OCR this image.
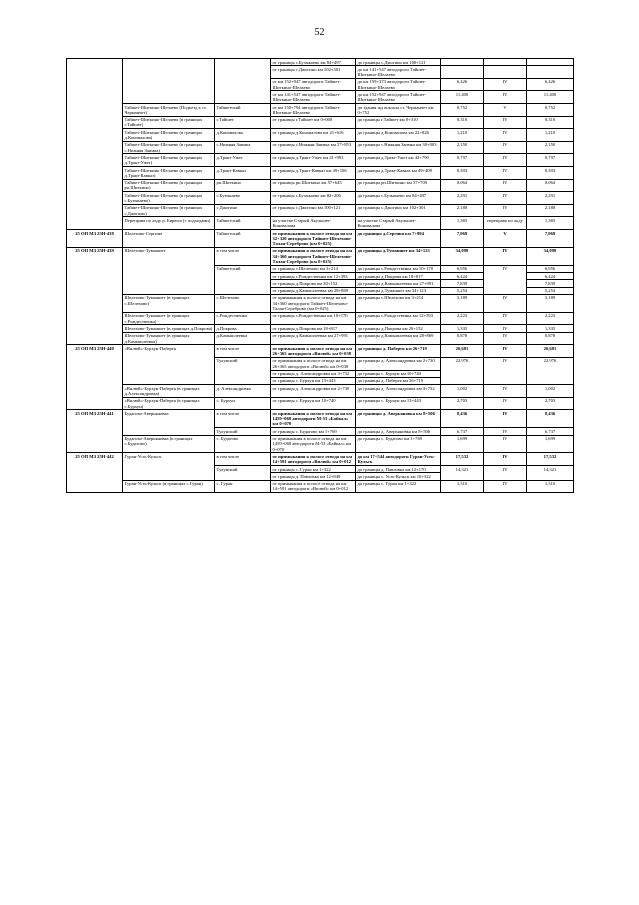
52
			от границы с.Бузыкаево км 84+497	до границы с.Джогино км 100+121			
			от границы с.Джогино км 102+301	до км 141+547 автодороги Тайшет-Шиткино-Шелаево			
			от км 152+947 автодороги Тайшет-Шиткино-Шелаево	до км 159+373 автодороги Тайшет-Шиткино-Шелаево	6,426	IV	6,426
			от км 141+547 автодороги Тайшет-Шиткино-Шелаево	до км 152+947 автодороги Тайшет-Шиткино-Шелаево	11,400	IV	11,400
	Тайшет-Шиткино-Шелаево (Подъезд к ст. Черманчет)	Тайшетский	от км 150+794 автодороги Тайшет-Шиткино-Шелаево	до здания жд вокзала ст. Черманчет км 0+752	0,752	V	0,752
	Тайшет-Шиткино-Шелаево (в границах г.Тайшет)	г.Тайшет	от границы г.Тайшет км 0+000	до границы г.Тайшет км 0+310	0,310	IV	0,310
	Тайшет-Шиткино-Шелаево (в границах д.Коновалова)	д.Коновалова	от границы д.Коновалова км 21+616	до границы д.Коновалова км 22+826	1,210	IV	1,210
	Тайшет-Шиткино-Шелаево (в границах с.Нижняя Заимка)	с.Нижняя Заимка	от границы с.Нижняя Заимка км 27+853	до границы с.Нижняя Заимка км 30+003	2,150	IV	2,150
	Тайшет-Шиткино-Шелаево (в границах д.Тракт-Ужет)	д.Тракт-Ужет	от границы д.Тракт-Ужет км 41+993	до границы д.Тракт-Ужет км 42+790	0,797	IV	0,797
	Тайшет-Шиткино-Шелаево (в границах д.Тракт-Кавказ)	д.Тракт-Кавказ	от границы д.Тракт-Кавказ км 49+106	до границы д.Тракт-Кавказ км 49+409	0,303	IV	0,303
	Тайшет-Шиткино-Шелаево (в границах рп.Шиткино)	рп.Шиткино	от границы рп.Шиткино км 57+645	до границы рп.Шиткино км 57+709	0,064	IV	0,064
	Тайшет-Шиткино-Шелаево (в границах с.Бузыкаево)	с.Бузыкаево	от границы с.Бузыкаево км 82+206	до границы с.Бузыкаево км 84+497	2,291	IV	2,291
	Тайшет-Шиткино-Шелаево (в границах с.Джогино)	с.Джогино	от границы с.Джогино км 100+121	до границы с.Джогино км 102+301	2,180	IV	2,180
	Переправа по льду р. Бирюса (с подходами)	Тайшетский	на участке Старый Акульшет-Коновалова	на участке Старый Акульшет-Коновалова	1,365	переправа по льду	1,365
25 ОП МЗ 25Н-438	Шелехово-Сергина	Тайшетский	от примыкания к полосе отвода на км 32+320 автодороги Тайшет-Шелехово-Талая-Сереброво (км 0+025)	до границы д.Сергина км 7+994	7,969	V	7,969
25 ОП МЗ 25Н-439	Шелехово-Туманшет	в том числе	от примыкания к полосе отвода на км 34+360 автодороги Тайшет-Шелехово-Талая-Сереброво (км 0+025)	до границы д.Туманшет км 34+123	34,098	IV	34,098
		Тайшетский	от границы с.Шелехово км 3+214	до границы с.Рождественка км 10+170	6,956	IV	6,956
			от границы с.Рождественка км 12+393	до границы д.Покрова км 18+817	6,424		6,424
			от границы д.Покрова км 20+152	до границы д.Камышлеевка км 27+991	7,839		7,839
			от границы д.Камышлеевка км 28+869	до границы д.Туманшет км 34+123	5,254		5,254
	Шелехово-Туманшет (в границах с.Шелехово)	с.Шелехово	от примыкания к полосе отвода на км 34+360 автодороги Тайшет-Шелехово-Талая-Сереброво (км 0+025)	до границы с.Шелехово км 3+214	3,189	IV	3,189
	Шелехово-Туманшет (в границах с.Рождественка)	с.Рождественка	от границы с.Рождественка км 10+170	до границы с.Рождественка км 12+393	2,223	IV	2,223
	Шелехово-Туманшет (в границах д.Покрова)	д.Покрова	от границы д.Покрова км 18+817	до границы д.Покрова км 20+152	1,335	IV	1,335
	Шелехово-Туманшет (в границах д.Камышлеевка)	д.Камышлеевка	от границы д.Камышлеевка км 27+991	до границы д.Камышлеевка км 28+869	0,878	IV	0,878
25 ОП МЗ 25Н-440	«Вилюй»-Бурхун-Пабергя	в том числе	от примыкания к полосе отвода на км 26+365 автодороги «Вилюй» км 0+038	до границы д. Пабергя км 26+719	26,681	IV	26,681
		Тулунский	от примыкания к полосе отвода на км 26+365 автодороги «Вилюй» км 0+038	до границы д. Александровка км 2+730	22,976	IV	22,976
			от границы д. Александровка км 3+732	до границы с. Бурхун км 10+740			
			от границы с. Бурхун км 13+443	до границы д. Пабергя км 26+719			
	«Вилюй»-Бурхун-Пабергя (в границах д.Александровка)	д. Александровка	от границы д. Александровка км 2+730	до границы д. Александровка км 3+732	1,002	IV	1,002
	«Вилюй»-Бурхун-Пабергя (в границах с.Бурхун)	с. Бурхун	от границы с. Бурхун км 10+740	до границы с. Бурхун км 13+443	2,703	IV	2,703
25 ОП МЗ 25Н-441	Будагово-Аверьяновка	в том числе	от примыкания к полосе отвода на км 1459+068 автодороги М-53 «Байкал» км 0+070	до границы д. Аверьяновка км 8+506	8,436	IV	8,436
		Тулунский	от границы с. Будагово км 1+769	до границы д. Аверьяновка км 8+506	6,737	IV	6,737
	Будагово-Аверьяновка (в границах с.Будагово)	с. Будагово	от примыкания к полосе отвода на км 1459+068 автодороги М-53 «Байкал» км 0+070	до границы с. Будагово км 1+769	1,699	IV	1,699
25 ОП МЗ 25Н-442	Гуран-Усть-Кульск	в том числе	от примыкания к полосе отвода на км 14+591 автодороги «Вилюй» км 0+012	до км 17+544 автодороги Гуран-Усть-Кульск	17,532	IV	17,532
		Тулунский	от границы с. Гуран км 1+322	до границы д. Павловка км 12+170	14,321	IV	14,321
			от границы д. Павловка км 12+849	до границы с. Усть-Кульск км 16+322			
	Гуран-Усть-Кульск (в границах с.Гуран)	с. Гуран	от примыкания к полосе отвода на км 14+591 автодороги «Вилюй» км 0+012	до границы с. Гуран км 1+322	1,310	IV	1,310
